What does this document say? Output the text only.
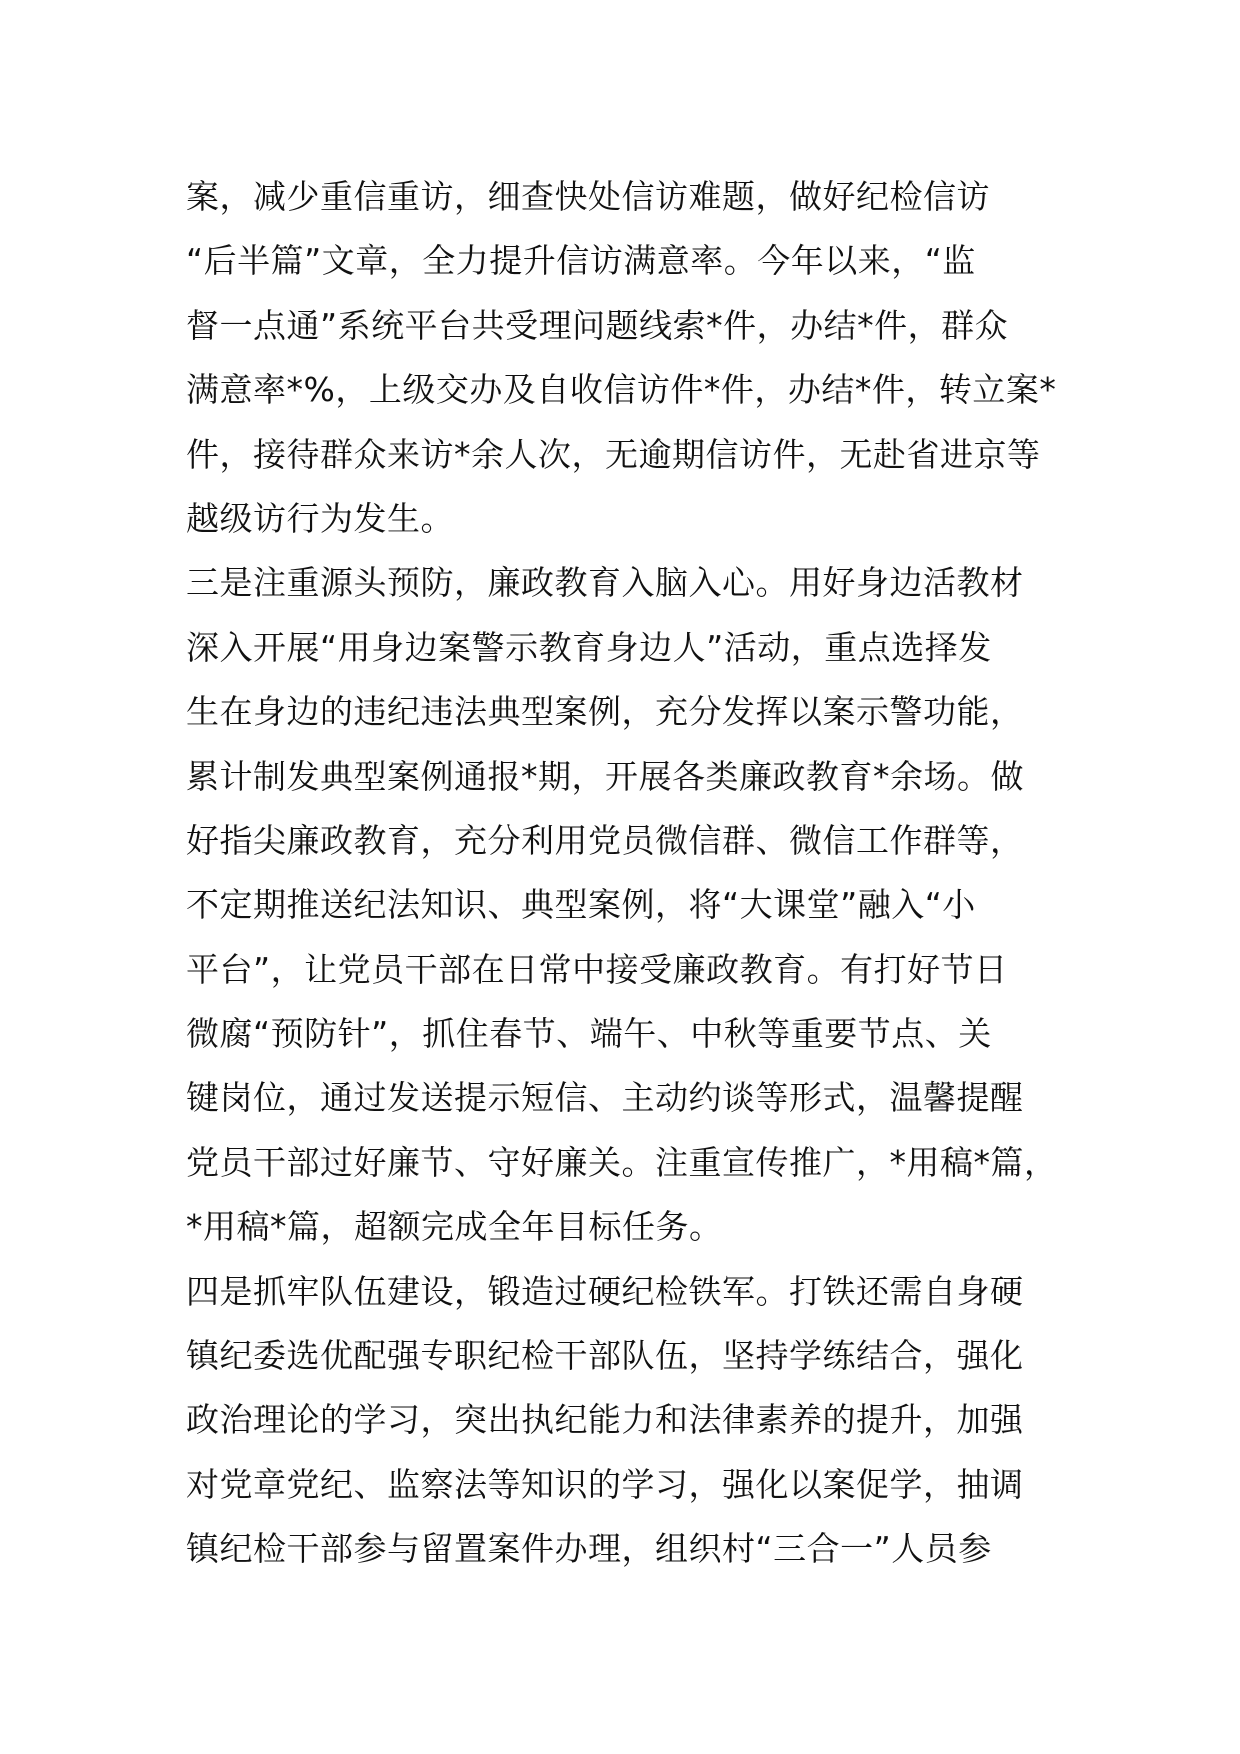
案，减少重信重访，细查快处信访难题，做好纪检信访
“后半篇”文章，全力提升信访满意率。今年以来，“监
督一点通”系统平台共受理问题线索*件，办结*件，群众
满意率*%，上级交办及自收信访件*件，办结*件，转立案*
件，接待群众来访*余人次，无逾期信访件，无赴省进京等
越级访行为发生。
三是注重源头预防，廉政教育入脑入心。用好身边活教材
深入开展“用身边案警示教育身边人”活动，重点选择发
生在身边的违纪违法典型案例，充分发挥以案示警功能，
累计制发典型案例通报*期，开展各类廉政教育*余场。做
好指尖廉政教育，充分利用党员微信群、微信工作群等，
不定期推送纪法知识、典型案例，将“大课堂”融入“小
平台”，让党员干部在日常中接受廉政教育。有打好节日
微腐“预防针”，抓住春节、端午、中秋等重要节点、关
键岗位，通过发送提示短信、主动约谈等形式，温馨提醒
党员干部过好廉节、守好廉关。注重宣传推广，*用稿*篇，
*用稿*篇，超额完成全年目标任务。
四是抓牢队伍建设，锻造过硬纪检铁军。打铁还需自身硬
镇纪委选优配强专职纪检干部队伍，坚持学练结合，强化
政治理论的学习，突出执纪能力和法律素养的提升，加强
对党章党纪、监察法等知识的学习，强化以案促学，抽调
镇纪检干部参与留置案件办理，组织村“三合一”人员参
